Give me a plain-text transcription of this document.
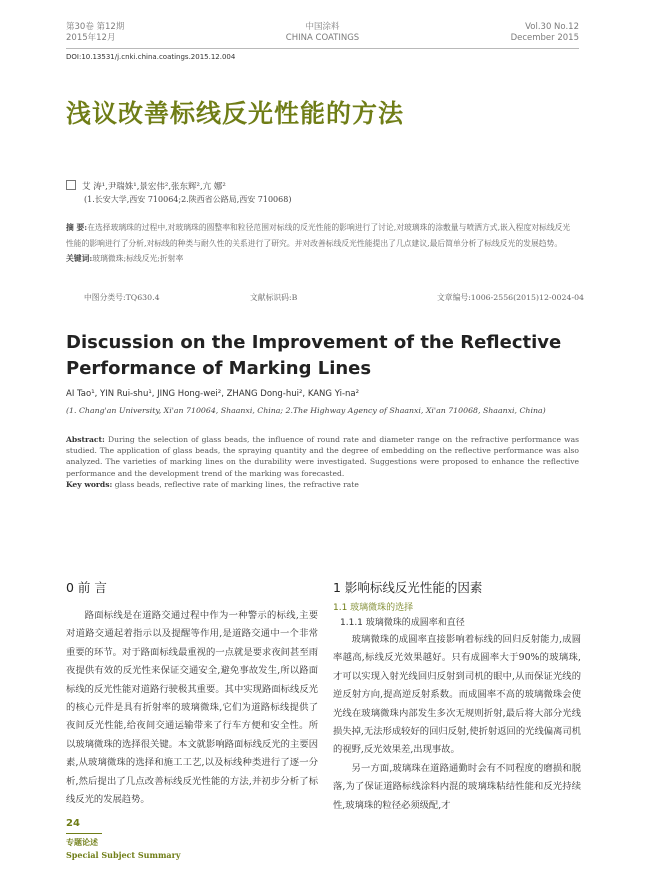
第30卷 第12期
2015年12月
中国涂料
CHINA COATINGS
Vol.30 No.12
December 2015
DOI:10.13531/j.cnki.china.coatings.2015.12.004
浅议改善标线反光性能的方法
艾 涛¹,尹瑞姝¹,景宏伟²,张东辉²,亢 娜²
(1.长安大学,西安 710064;2.陕西省公路局,西安 710068)
摘 要:在选择玻璃珠的过程中,对玻璃珠的圆整率和粒径范围对标线的反光性能的影响进行了讨论,对玻璃珠的涂敷量与喷洒方式,嵌入程度对标线反光性能的影响进行了分析,对标线的种类与耐久性的关系进行了研究。并对改善标线反光性能提出了几点建议,最后简单分析了标线反光的发展趋势。
关键词:玻璃微珠;标线反光;折射率
中图分类号:TQ630.4	文献标识码:B	文章编号:1006-2556(2015)12-0024-04
Discussion on the Improvement of the Reflective
Performance of Marking Lines
AI Tao¹, YIN Rui-shu¹, JING Hong-wei², ZHANG Dong-hui², KANG Yi-na²
(1. Chang'an University, Xi'an 710064, Shaanxi, China; 2.The Highway Agency of Shaanxi, Xi'an 710068, Shaanxi, China)
Abstract: During the selection of glass beads, the influence of round rate and diameter range on the refractive performance was studied. The application of glass beads, the spraying quantity and the degree of embedding on the reflective performance was also analyzed. The varieties of marking lines on the durability were investigated. Suggestions were proposed to enhance the reflective performance and the development trend of the marking was forecasted.
Key words: glass beads, reflective rate of marking lines, the refractive rate
0 前 言

路面标线是在道路交通过程中作为一种警示的标线,主要对道路交通起着指示以及提醒等作用,是道路交通中一个非常重要的环节。对于路面标线最重视的一点就是要求夜间甚至雨夜提供有效的反光性来保证交通安全,避免事故发生,所以路面标线的反光性能对道路行驶极其重要。其中实现路面标线反光的核心元件是具有折射率的玻璃微珠,它们为道路标线提供了夜间反光性能,给夜间交通运输带来了行车方便和安全性。所以玻璃微珠的选择很关键。本文就影响路面标线反光的主要因素,从玻璃微珠的选择和施工工艺,以及标线种类进行了逐一分析,然后提出了几点改善标线反光性能的方法,并初步分析了标线反光的发展趋势。

1 影响标线反光性能的因素
1.1 玻璃微珠的选择
1.1.1 玻璃微珠的成圆率和直径

玻璃微珠的成圆率直接影响着标线的回归反射能力,成圆率越高,标线反光效果越好。只有成圆率大于90%的玻璃珠,才可以实现入射光线回归反射到司机的眼中,从而保证光线的逆反射方向,提高逆反射系数。而成圆率不高的玻璃微珠会使光线在玻璃微珠内部发生多次无规则折射,最后将大部分光线损失掉,无法形成较好的回归反射,使折射返回的光线偏离司机的视野,反光效果差,出现事故。

另一方面,玻璃珠在道路通勤时会有不同程度的磨损和脱落,为了保证道路标线涂料内混的玻璃珠粘结性能和反光持续性,玻璃珠的粒径必须级配,才

24
专题论述
Special Subject Summary
